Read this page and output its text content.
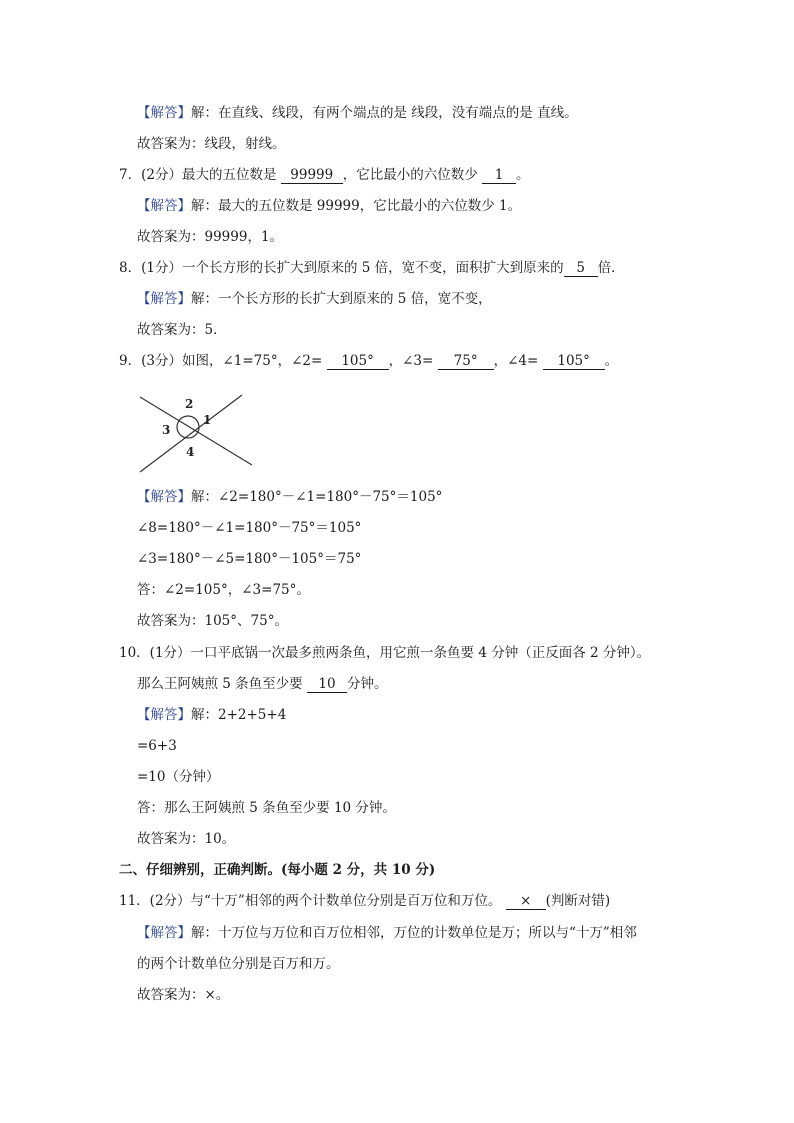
【解答】解：在直线、线段，有两个端点的是 线段，没有端点的是 直线。
故答案为：线段，射线。
7．(2分）最大的五位数是 99999 ，它比最小的六位数少 1 。
【解答】解：最大的五位数是 99999，它比最小的六位数少 1。
故答案为：99999，1。
8．(1分）一个长方形的长扩大到原来的 5 倍，宽不变，面积扩大到原来的 5 倍．
【解答】解：一个长方形的长扩大到原来的 5 倍，宽不变，
故答案为：5．
9．(3分）如图，∠1=75°，∠2= 105° ，∠3= 75° ，∠4= 105° 。
2
3
1
4
【解答】解：∠2=180°－∠1=180°－75°＝105°
∠8=180°－∠1=180°－75°＝105°
∠3=180°－∠5=180°－105°＝75°
答：∠2=105°，∠3=75°。
故答案为：105°、75°。
10．(1分）一口平底锅一次最多煎两条鱼，用它煎一条鱼要 4 分钟（正反面各 2 分钟）。
那么王阿姨煎 5 条鱼至少要 10 分钟。
【解答】解：2+2+5+4
=6+3
=10（分钟）
答：那么王阿姨煎 5 条鱼至少要 10 分钟。
故答案为：10。
二、仔细辨别，正确判断。(每小题 2 分，共 10 分)
11．(2分）与“十万”相邻的两个计数单位分别是百万位和万位。 × (判断对错)
【解答】解：十万位与万位和百万位相邻，万位的计数单位是万；所以与“十万”相邻
的两个计数单位分别是百万和万。
故答案为：×。
